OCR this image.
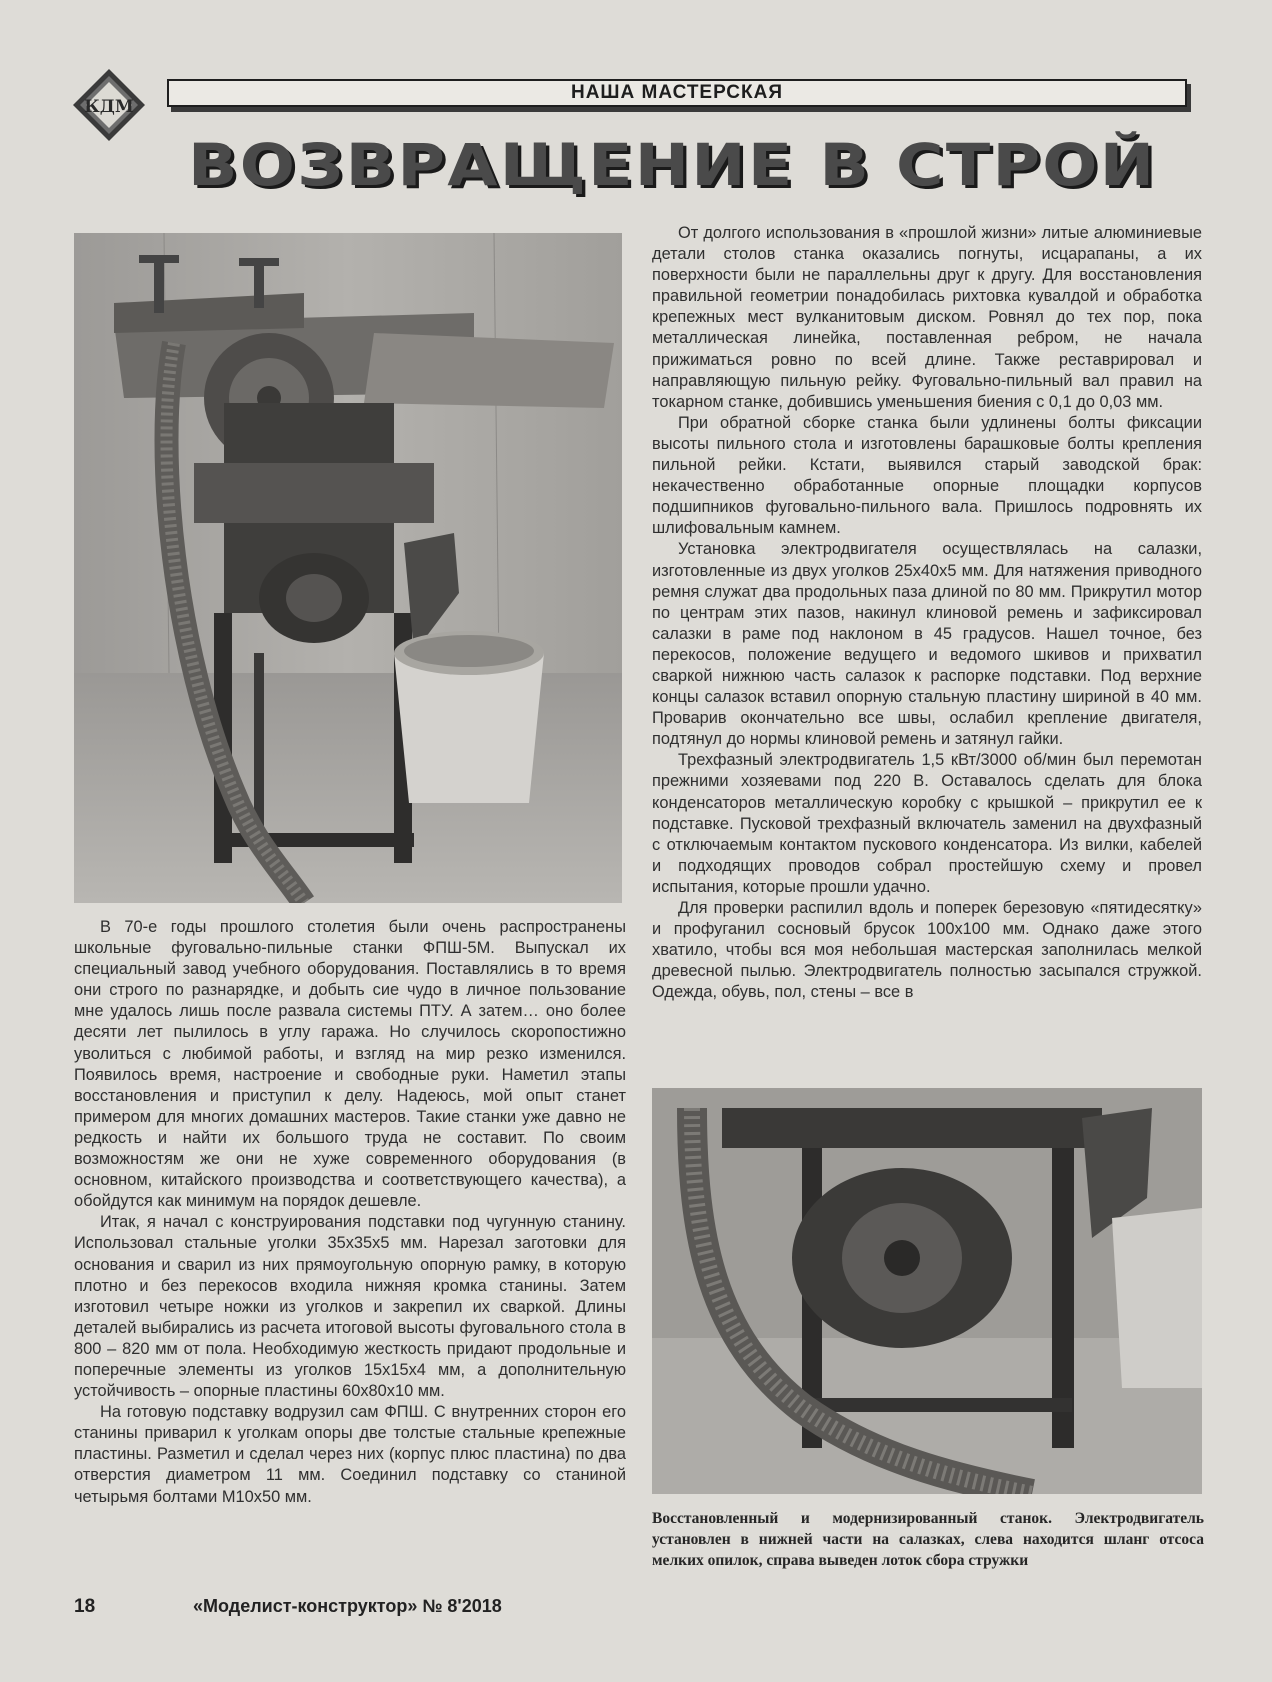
КДМ
НАША МАСТЕРСКАЯ
ВОЗВРАЩЕНИЕ В СТРОЙ

В 70-е годы прошлого столетия были очень распространены школьные фуговально-пильные станки ФПШ-5М. Выпускал их специальный завод учебного оборудования. Поставлялись в то время они строго по разнарядке, и добыть сие чудо в личное пользование мне удалось лишь после развала системы ПТУ. А затем… оно более десяти лет пылилось в углу гаража. Но случилось скоропостижно уволиться с любимой работы, и взгляд на мир резко изменился. Появилось время, настроение и свободные руки. Наметил этапы восстановления и приступил к делу. Надеюсь, мой опыт станет примером для многих домашних мастеров. Такие станки уже давно не редкость и найти их большого труда не составит. По своим возможностям же они не хуже современного оборудования (в основном, китайского производства и соответствующего качества), а обойдутся как минимум на порядок дешевле.

Итак, я начал с конструирования подставки под чугунную станину. Использовал стальные уголки 35х35х5 мм. Нарезал заготовки для основания и сварил из них прямоугольную опорную рамку, в которую плотно и без перекосов входила нижняя кромка станины. Затем изготовил четыре ножки из уголков и закрепил их сваркой. Длины деталей выбирались из расчета итоговой высоты фуговального стола в 800 – 820 мм от пола. Необходимую жесткость придают продольные и поперечные элементы из уголков 15х15х4 мм, а дополнительную устойчивость – опорные пластины 60х80х10 мм.

На готовую подставку водрузил сам ФПШ. С внутренних сторон его станины приварил к уголкам опоры две толстые стальные крепежные пластины. Разметил и сделал через них (корпус плюс пластина) по два отверстия диаметром 11 мм. Соединил подставку со станиной четырьмя болтами М10х50 мм.

От долгого использования в «прошлой жизни» литые алюминиевые детали столов станка оказались погнуты, исцарапаны, а их поверхности были не параллельны друг к другу. Для восстановления правильной геометрии понадобилась рихтовка кувалдой и обработка крепежных мест вулканитовым диском. Ровнял до тех пор, пока металлическая линейка, поставленная ребром, не начала прижиматься ровно по всей длине. Также реставрировал и направляющую пильную рейку. Фуговально-пильный вал правил на токарном станке, добившись уменьшения биения с 0,1 до 0,03 мм.

При обратной сборке станка были удлинены болты фиксации высоты пильного стола и изготовлены барашковые болты крепления пильной рейки. Кстати, выявился старый заводской брак: некачественно обработанные опорные площадки корпусов подшипников фуговально-пильного вала. Пришлось подровнять их шлифовальным камнем.

Установка электродвигателя осуществлялась на салазки, изготовленные из двух уголков 25х40х5 мм. Для натяжения приводного ремня служат два продольных паза длиной по 80 мм. Прикрутил мотор по центрам этих пазов, накинул клиновой ремень и зафиксировал салазки в раме под наклоном в 45 градусов. Нашел точное, без перекосов, положение ведущего и ведомого шкивов и прихватил сваркой нижнюю часть салазок к распорке подставки. Под верхние концы салазок вставил опорную стальную пластину шириной в 40 мм. Проварив окончательно все швы, ослабил крепление двигателя, подтянул до нормы клиновой ремень и затянул гайки.

Трехфазный электродвигатель 1,5 кВт/3000 об/мин был перемотан прежними хозяевами под 220 В. Оставалось сделать для блока конденсаторов металлическую коробку с крышкой – прикрутил ее к подставке. Пусковой трехфазный включатель заменил на двухфазный с отключаемым контактом пускового конденсатора. Из вилки, кабелей и подходящих проводов собрал простейшую схему и провел испытания, которые прошли удачно.

Для проверки распилил вдоль и поперек березовую «пятидесятку» и профуганил сосновый брусок 100х100 мм. Однако даже этого хватило, чтобы вся моя небольшая мастерская заполнилась мелкой древесной пылью. Электродвигатель полностью засыпался стружкой. Одежда, обувь, пол, стены – все в

Восстановленный и модернизированный станок. Электродвигатель установлен в нижней части на салазках, слева находится шланг отсоса мелких опилок, справа выведен лоток сбора стружки
18	«Моделист-конструктор» № 8'2018
